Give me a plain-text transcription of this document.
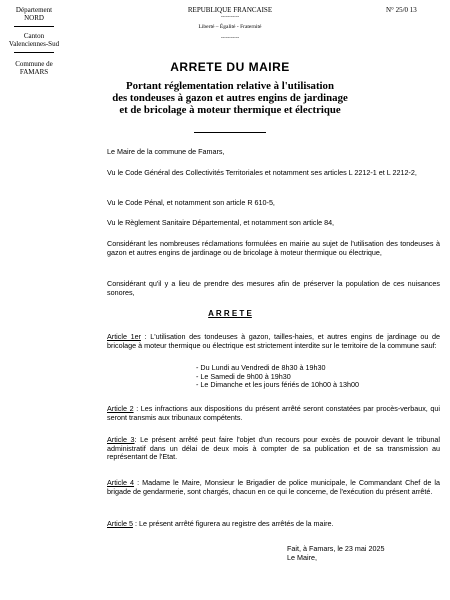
Département
NORD
Canton
Valenciennes-Sud
Commune de
FAMARS
REPUBLIQUE FRANCAISE
-----------
Liberté – Égalité - Fraternité
-----------
N° 25/0 13
ARRETE DU MAIRE
Portant réglementation relative à l'utilisation
des tondeuses à gazon et autres engins de jardinage
et de bricolage à moteur thermique et électrique
Le Maire de la commune de Famars,
Vu le Code Général des Collectivités Territoriales et notamment ses articles L 2212-1 et L 2212-2,
Vu le Code Pénal, et notamment son article R 610-5,
Vu le Règlement Sanitaire Départemental, et notamment son article 84,
Considérant les nombreuses réclamations formulées en mairie au sujet de l'utilisation des tondeuses à gazon et autres engins de jardinage ou de bricolage à moteur thermique ou électrique,
Considérant qu'il y a lieu de prendre des mesures afin de préserver la population de ces nuisances sonores,
A R R E T E
Article 1er : L'utilisation des tondeuses à gazon, tailles-haies, et autres engins de jardinage ou de bricolage à moteur thermique ou électrique est strictement interdite sur le territoire de la commune sauf:
- Du Lundi au Vendredi de 8h30 à 19h30
- Le Samedi de 9h00 à 19h30
- Le Dimanche et les jours fériés de 10h00 à 13h00
Article 2 : Les infractions aux dispositions du présent arrêté seront constatées par procès-verbaux, qui seront transmis aux tribunaux compétents.
Article 3: Le présent arrêté peut faire l'objet d'un recours pour excès de pouvoir devant le tribunal administratif dans un délai de deux mois à compter de sa publication et de sa transmission au représentant de l'Etat.
Article 4 : Madame le Maire, Monsieur le Brigadier de police municipale, le Commandant Chef de la brigade de gendarmerie, sont chargés, chacun en ce qui le concerne, de l'exécution du présent arrêté.
Article 5 : Le présent arrêté figurera au registre des arrêtés de la maire.
Fait, à Famars, le 23 mai 2025
Le Maire,
